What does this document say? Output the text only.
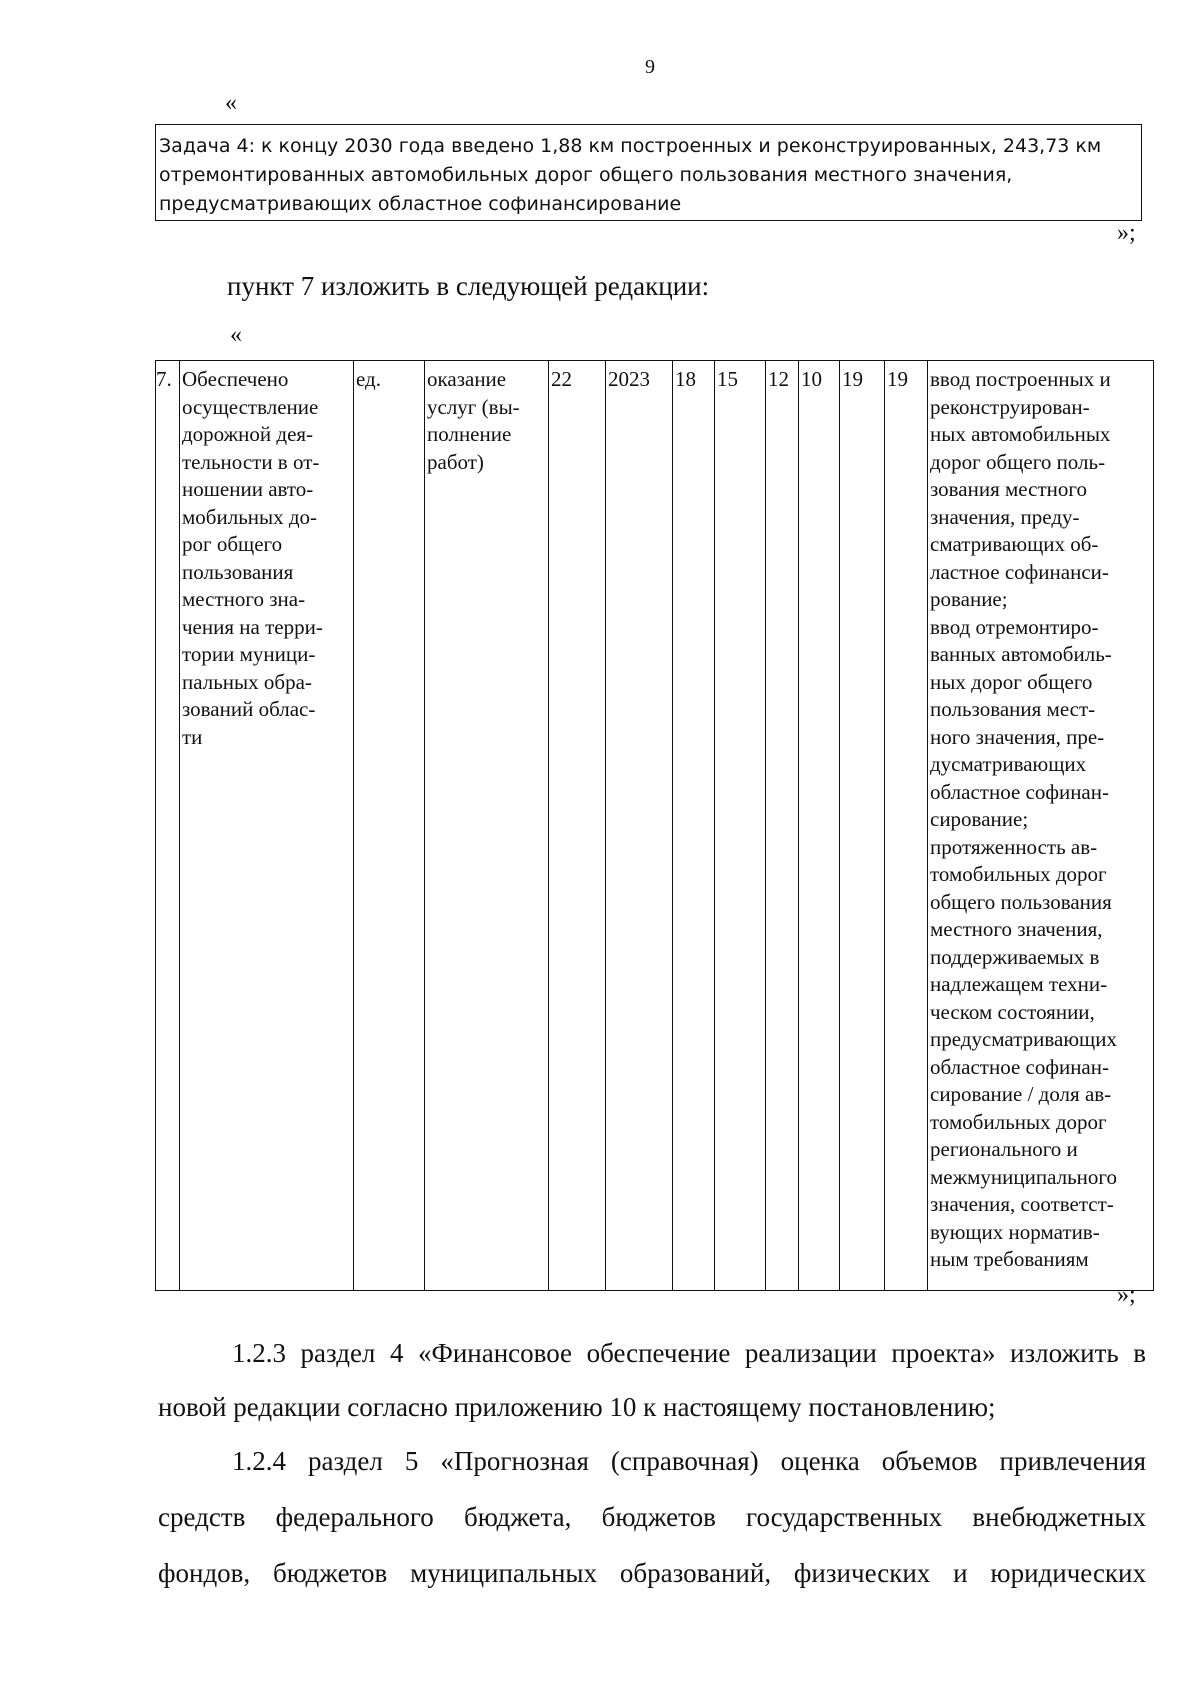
9
«
Задача 4: к концу 2030 года введено 1,88 км построенных и реконструированных, 243,73 км отремонтированных автомобильных дорог общего пользования местного значения, предусматривающих областное софинансирование
»;
пункт 7 изложить в следующей редакции:
«
7.	Обеспечено
осуществление
дорожной дея-
тельности в от-
ношении авто-
мобильных до-
рог общего
пользования
местного зна-
чения на терри-
тории муници-
пальных обра-
зований облас-
ти
	ед.	оказание
услуг (вы-
полнение
работ)
	22	2023	18	15	12	10	19	19	ввод построенных и
реконструирован-
ных автомобильных
дорог общего поль-
зования местного
значения, преду-
сматривающих об-
ластное софинанси-
рование;
ввод отремонтиро-
ванных автомобиль-
ных дорог общего
пользования мест-
ного значения, пре-
дусматривающих
областное софинан-
сирование;
протяженность ав-
томобильных дорог
общего пользования
местного значения,
поддерживаемых в
надлежащем техни-
ческом состоянии,
предусматривающих
областное софинан-
сирование / доля ав-
томобильных дорог
регионального и
межмуниципального
значения, соответст-
вующих норматив-
ным требованиям
»;
1.2.3 раздел 4 «Финансовое обеспечение реализации проекта» изложить в
новой редакции согласно приложению 10 к настоящему постановлению;
1.2.4 раздел 5 «Прогнозная (справочная) оценка объемов привлечения
средств федерального бюджета, бюджетов государственных внебюджетных
фондов, бюджетов муниципальных образований, физических и юридических
